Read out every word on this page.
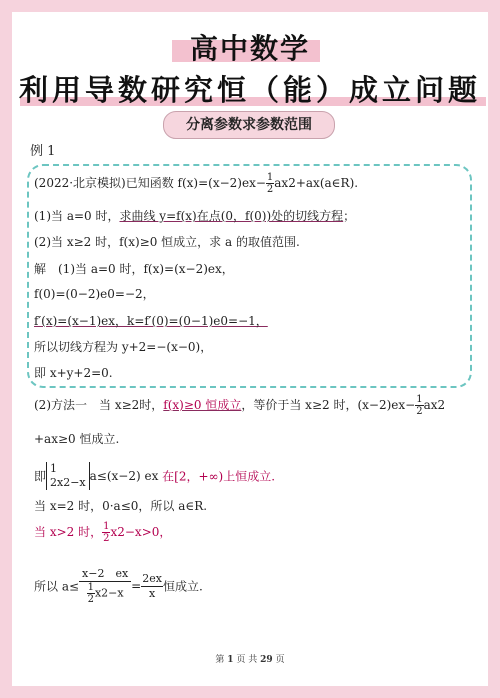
高中数学
利用导数研究恒（能）成立问题
分离参数求参数范围
例 1
(2022·北京模拟)已知函数 $f(x)=(x-2)ex- \frac{1}{2}$ ax2+ax(a∈R).
(1)当 a=0 时，求曲线 y=f(x)在点(0，f(0))处的切线方程；
(2)当 x≥2 时，f(x)≥0 恒成立，求 a 的取值范围.
解　(1)当 a=0 时，f(x)=(x−2)ex，
f(0)=(0−2)e0=−2，
f′(x)=(x−1)ex，k=f′(0)=(0−1)e0=−1，
所以切线方程为 y+2=−(x−0)，
即 x+y+2=0.
(2)方法一　当 x≥2时，f(x)≥0 恒成立，等价于当 x≥2 时，$(x-2)ex- \frac{1}{2} ax2$
+ax≥0 恒成立.
即
1
2x2−x a≤(x−2) ex 在[2，+∞)上恒成立.
当 x=2 时，0·a≤0，所以 a∈R.
当 x>2 时， $\frac{1}{2} x2-x>0$，
所以 $a\le \frac{x-2 ex}{\frac{1}{2} x2-x} = \frac{2ex}{x}$ 恒成立.
第 1 页 共 29 页
